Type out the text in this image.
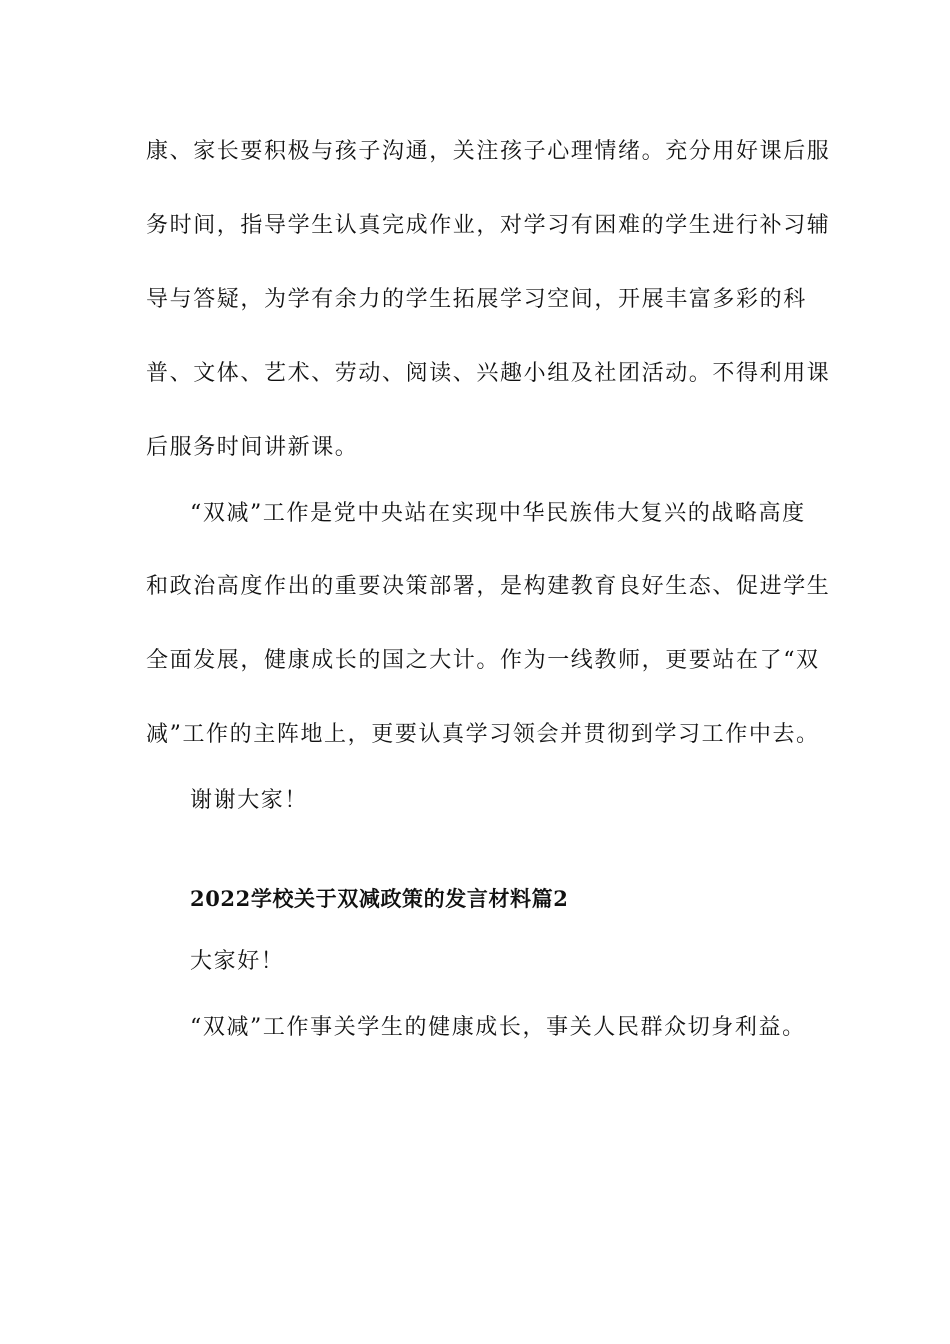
康、家长要积极与孩子沟通，关注孩子心理情绪。充分用好课后服
务时间，指导学生认真完成作业，对学习有困难的学生进行补习辅
导与答疑，为学有余力的学生拓展学习空间，开展丰富多彩的科
普、文体、艺术、劳动、阅读、兴趣小组及社团活动。不得利用课
后服务时间讲新课。
“双减”工作是党中央站在实现中华民族伟大复兴的战略高度
和政治高度作出的重要决策部署，是构建教育良好生态、促进学生
全面发展，健康成长的国之大计。作为一线教师，更要站在了“双
减”工作的主阵地上，更要认真学习领会并贯彻到学习工作中去。
谢谢大家！
2022学校关于双减政策的发言材料篇2
大家好！
“双减”工作事关学生的健康成长，事关人民群众切身利益。
